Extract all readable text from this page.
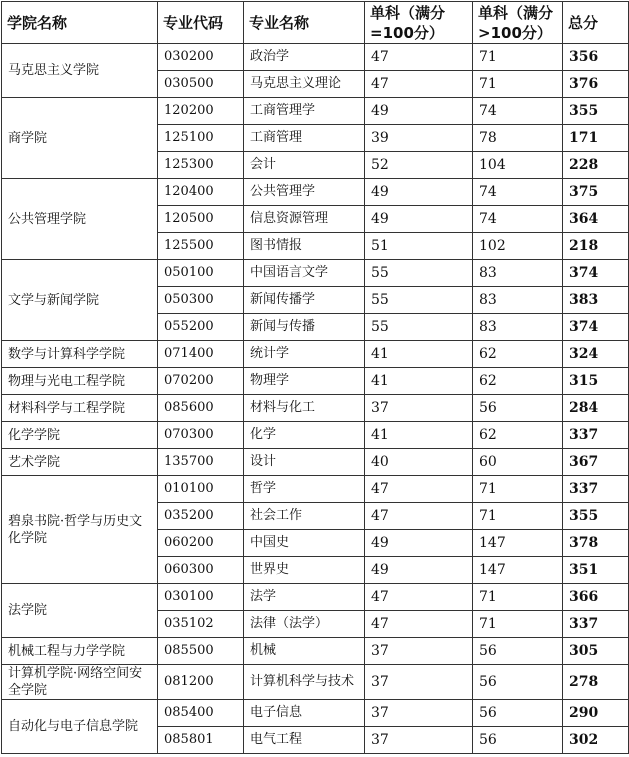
学院名称	专业代码	专业名称	单科（满分=100分）	单科（满分>100分）	总分
马克思主义学院	030200	政治学	47	71	356
	030500	马克思主义理论	47	71	376
商学院	120200	工商管理学	49	74	355
	125100	工商管理	39	78	171
	125300	会计	52	104	228
公共管理学院	120400	公共管理学	49	74	375
	120500	信息资源管理	49	74	364
	125500	图书情报	51	102	218
文学与新闻学院	050100	中国语言文学	55	83	374
	050300	新闻传播学	55	83	383
	055200	新闻与传播	55	83	374
数学与计算科学学院	071400	统计学	41	62	324
物理与光电工程学院	070200	物理学	41	62	315
材料科学与工程学院	085600	材料与化工	37	56	284
化学学院	070300	化学	41	62	337
艺术学院	135700	设计	40	60	367
碧泉书院·哲学与历史文化学院	010100	哲学	47	71	337
	035200	社会工作	47	71	355
	060200	中国史	49	147	378
	060300	世界史	49	147	351
法学院	030100	法学	47	71	366
	035102	法律（法学）	47	71	337
机械工程与力学学院	085500	机械	37	56	305
计算机学院·网络空间安全学院	081200	计算机科学与技术	37	56	278
自动化与电子信息学院	085400	电子信息	37	56	290
	085801	电气工程	37	56	302
